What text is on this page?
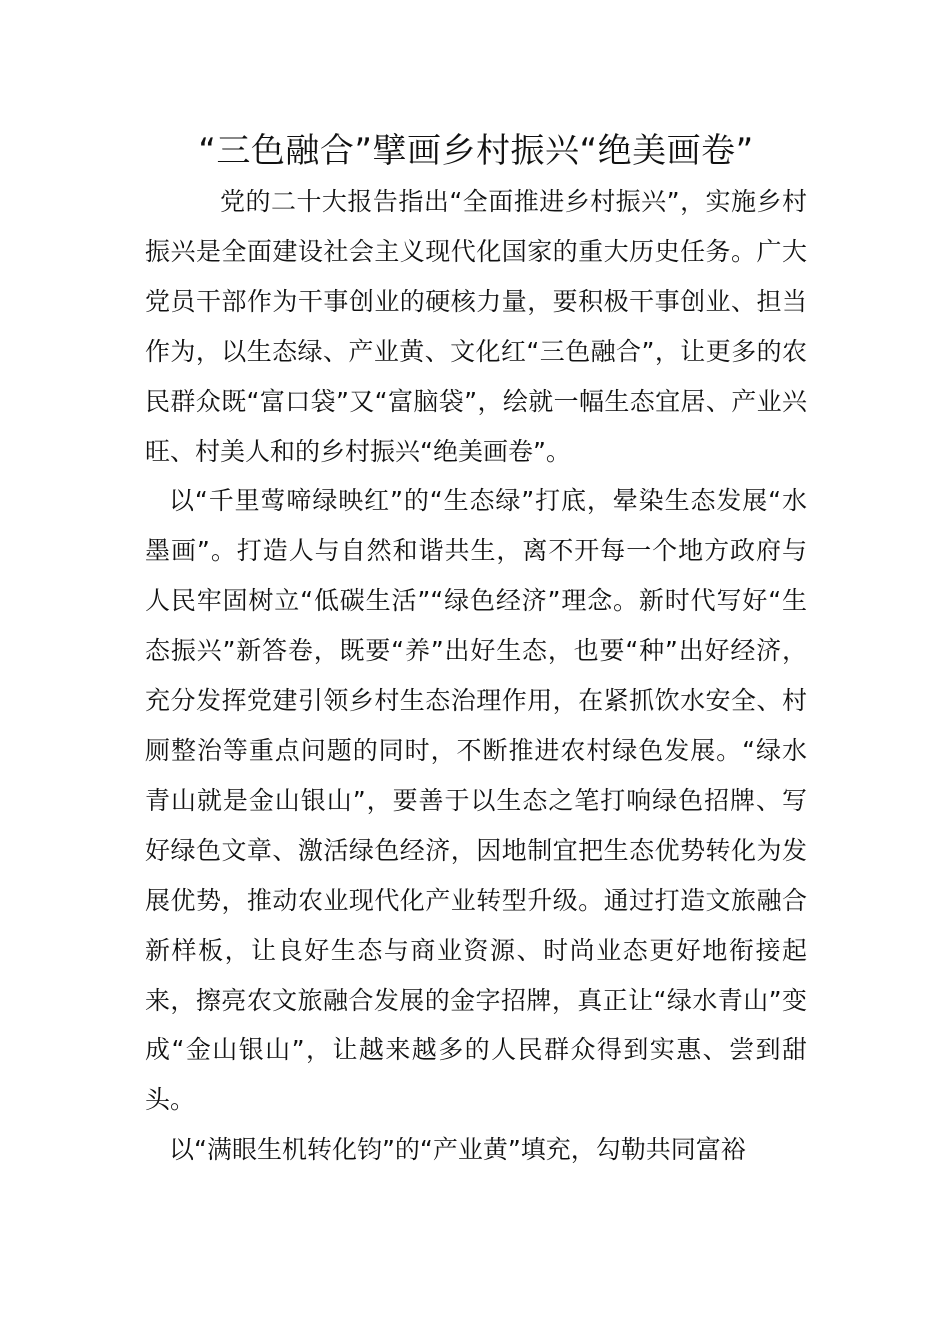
“三色融合”擘画乡村振兴“绝美画卷”

党的二十大报告指出“全面推进乡村振兴”，实施乡村振兴是全面建设社会主义现代化国家的重大历史任务。广大党员干部作为干事创业的硬核力量，要积极干事创业、担当作为，以生态绿、产业黄、文化红“三色融合”，让更多的农民群众既“富口袋”又“富脑袋”，绘就一幅生态宜居、产业兴旺、村美人和的乡村振兴“绝美画卷”。

以“千里莺啼绿映红”的“生态绿”打底，晕染生态发展“水墨画”。打造人与自然和谐共生，离不开每一个地方政府与人民牢固树立“低碳生活”“绿色经济”理念。新时代写好“生态振兴”新答卷，既要“养”出好生态，也要“种”出好经济，充分发挥党建引领乡村生态治理作用，在紧抓饮水安全、村厕整治等重点问题的同时，不断推进农村绿色发展。“绿水青山就是金山银山”，要善于以生态之笔打响绿色招牌、写好绿色文章、激活绿色经济，因地制宜把生态优势转化为发展优势，推动农业现代化产业转型升级。通过打造文旅融合新样板，让良好生态与商业资源、时尚业态更好地衔接起来，擦亮农文旅融合发展的金字招牌，真正让“绿水青山”变成“金山银山”，让越来越多的人民群众得到实惠、尝到甜头。

以“满眼生机转化钧”的“产业黄”填充，勾勒共同富裕
